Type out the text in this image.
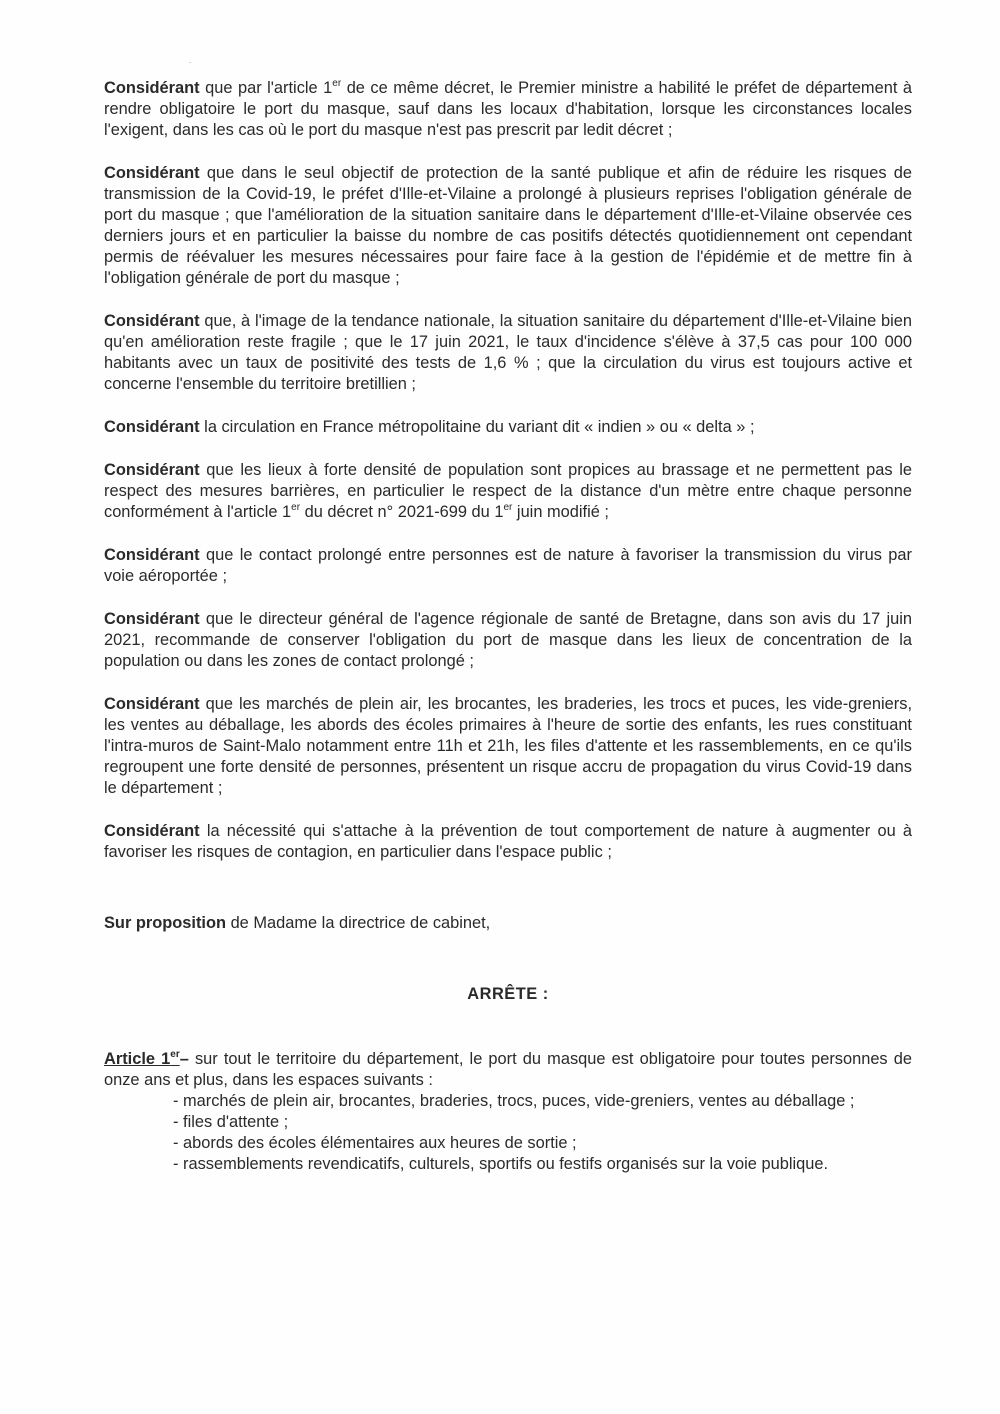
Considérant que par l'article 1er de ce même décret, le Premier ministre a habilité le préfet de département à rendre obligatoire le port du masque, sauf dans les locaux d'habitation, lorsque les circonstances locales l'exigent, dans les cas où le port du masque n'est pas prescrit par ledit décret ;

Considérant que dans le seul objectif de protection de la santé publique et afin de réduire les risques de transmission de la Covid-19, le préfet d'Ille-et-Vilaine a prolongé à plusieurs reprises l'obligation générale de port du masque ; que l'amélioration de la situation sanitaire dans le département d'Ille-et-Vilaine observée ces derniers jours et en particulier la baisse du nombre de cas positifs détectés quotidiennement ont cependant permis de réévaluer les mesures nécessaires pour faire face à la gestion de l'épidémie et de mettre fin à l'obligation générale de port du masque ;

Considérant que, à l'image de la tendance nationale, la situation sanitaire du département d'Ille-et-Vilaine bien qu'en amélioration reste fragile ; que le 17 juin 2021, le taux d'incidence s'élève à 37,5 cas pour 100 000 habitants avec un taux de positivité des tests de 1,6 % ; que la circulation du virus est toujours active et concerne l'ensemble du territoire bretillien ;

Considérant la circulation en France métropolitaine du variant dit « indien » ou « delta » ;

Considérant que les lieux à forte densité de population sont propices au brassage et ne permettent pas le respect des mesures barrières, en particulier le respect de la distance d'un mètre entre chaque personne conformément à l'article 1er du décret n° 2021-699 du 1er juin modifié ;

Considérant que le contact prolongé entre personnes est de nature à favoriser la transmission du virus par voie aéroportée ;

Considérant que le directeur général de l'agence régionale de santé de Bretagne, dans son avis du 17 juin 2021, recommande de conserver l'obligation du port de masque dans les lieux de concentration de la population ou dans les zones de contact prolongé ;

Considérant que les marchés de plein air, les brocantes, les braderies, les trocs et puces, les vide-greniers, les ventes au déballage, les abords des écoles primaires à l'heure de sortie des enfants, les rues constituant l'intra-muros de Saint-Malo notamment entre 11h et 21h, les files d'attente et les rassemblements, en ce qu'ils regroupent une forte densité de personnes, présentent un risque accru de propagation du virus Covid-19 dans le département ;

Considérant la nécessité qui s'attache à la prévention de tout comportement de nature à augmenter ou à favoriser les risques de contagion, en particulier dans l'espace public ;

Sur proposition de Madame la directrice de cabinet,

ARRÊTE :

Article 1er– sur tout le territoire du département, le port du masque est obligatoire pour toutes personnes de onze ans et plus, dans les espaces suivants :

- marchés de plein air, brocantes, braderies, trocs, puces, vide-greniers, ventes au déballage ;
- files d'attente ;
- abords des écoles élémentaires aux heures de sortie ;
- rassemblements revendicatifs, culturels, sportifs ou festifs organisés sur la voie publique.
